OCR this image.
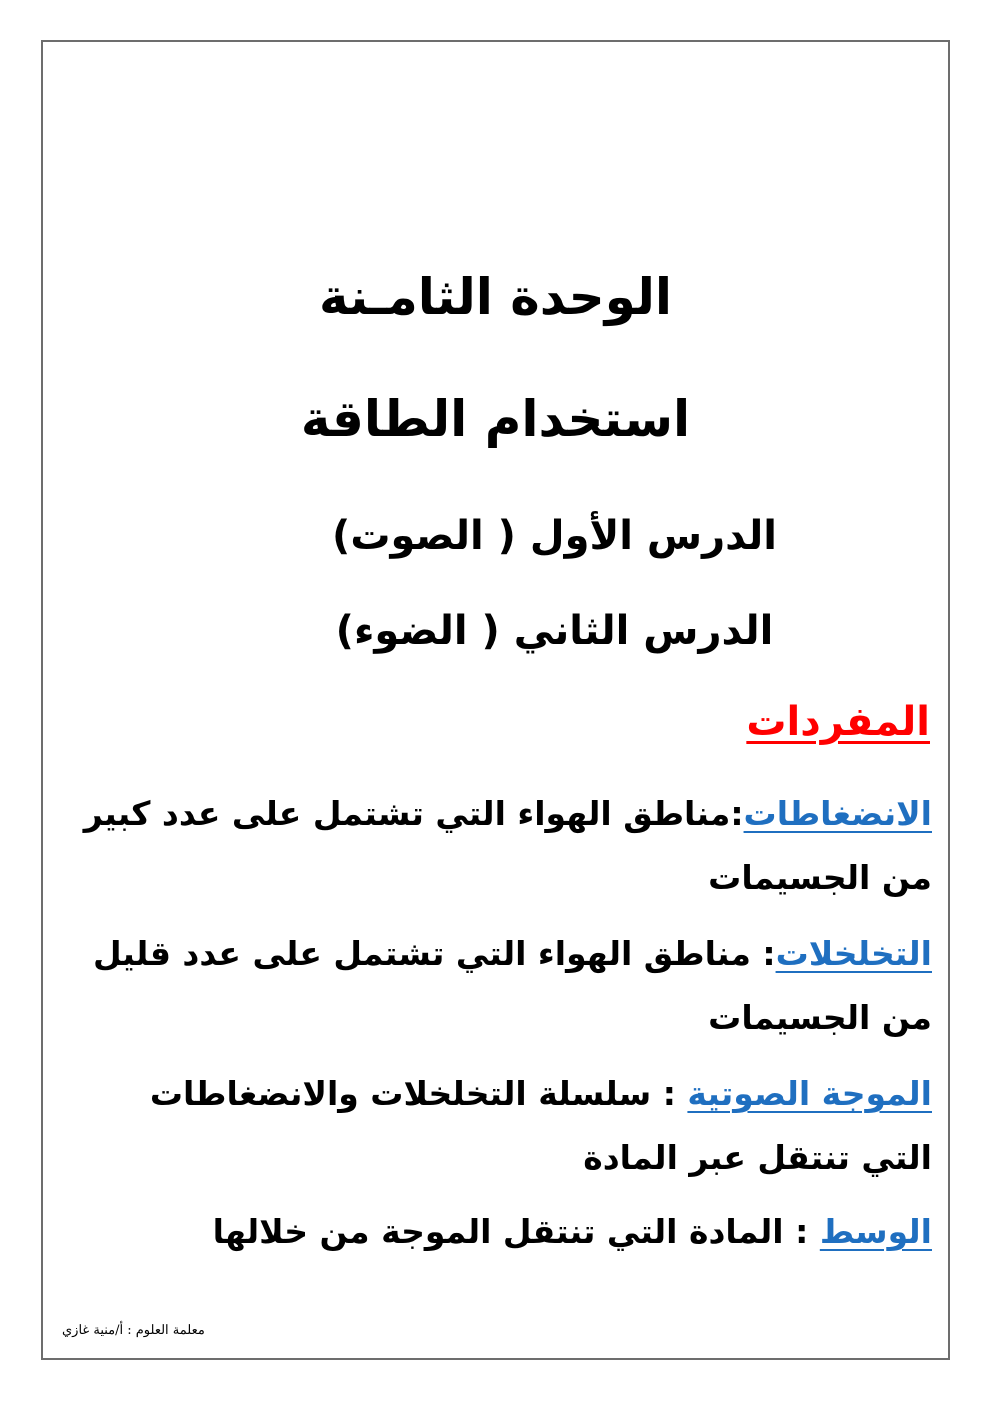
الوحدة الثامـنة
استخدام الطاقة
الدرس الأول ( الصوت)
الدرس الثاني ( الضوء)
المفردات
الانضغاطات:مناطق الهواء التي تشتمل على عدد كبير من الجسيمات
التخلخلات: مناطق الهواء التي تشتمل على عدد قليل من الجسيمات
الموجة الصوتية : سلسلة التخلخلات والانضغاطات التي تنتقل عبر المادة
الوسط : المادة التي تنتقل الموجة من خلالها
معلمة العلوم : أ/منية غازي
